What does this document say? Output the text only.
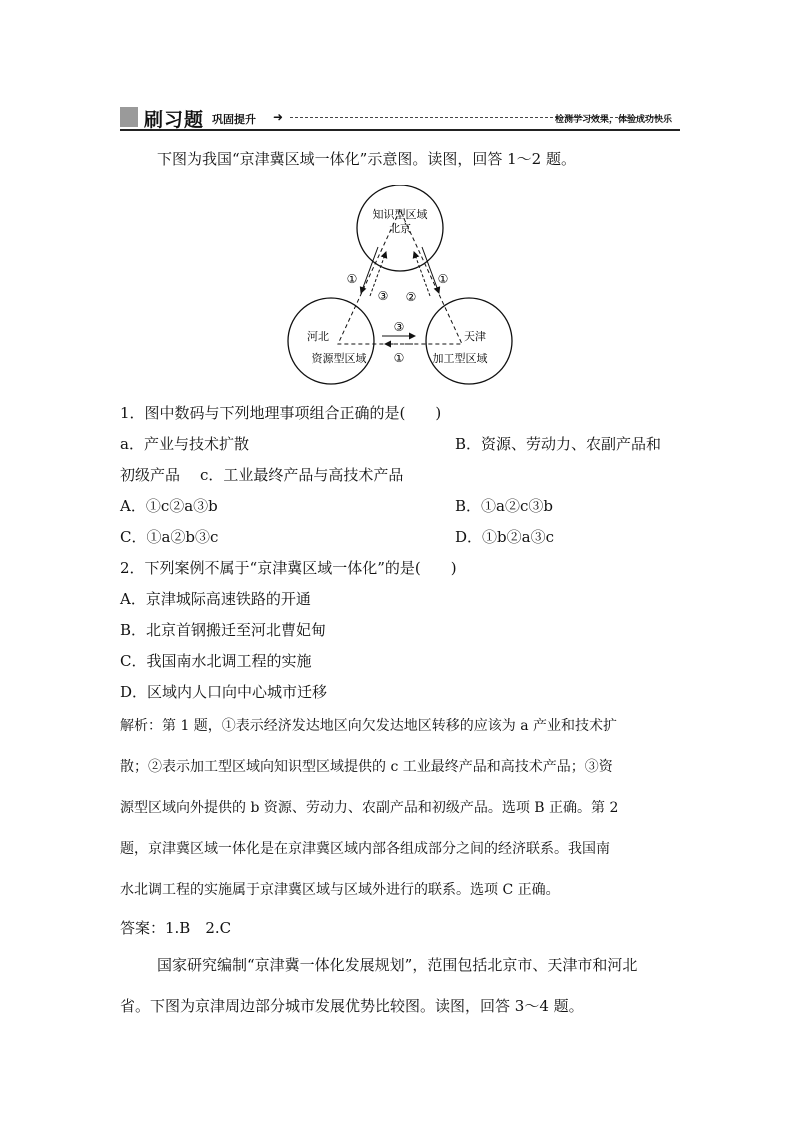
刷习题 巩固提升 ➜	检测学习效果，体验成功快乐
下图为我国“京津冀区域一体化”示意图。读图，回答 1～2 题。
知识型区域
北京
河北
资源型区域
天津
加工型区域
①
③ ②
①
③
①
1．图中数码与下列地理事项组合正确的是(　　)
a．产业与技术扩散	B．资源、劳动力、农副产品和
初级产品 c．工业最终产品与高技术产品
A．①c②a③b	B．①a②c③b
C．①a②b③c	D．①b②a③c
2．下列案例不属于“京津冀区域一体化”的是(　　)
A．京津城际高速铁路的开通
B．北京首钢搬迁至河北曹妃甸
C．我国南水北调工程的实施
D．区域内人口向中心城市迁移
解析：第 1 题，①表示经济发达地区向欠发达地区转移的应该为 a 产业和技术扩
散；②表示加工型区域向知识型区域提供的 c 工业最终产品和高技术产品；③资
源型区域向外提供的 b 资源、劳动力、农副产品和初级产品。选项 B 正确。第 2
题，京津冀区域一体化是在京津冀区域内部各组成部分之间的经济联系。我国南
水北调工程的实施属于京津冀区域与区域外进行的联系。选项 C 正确。
答案：1.B　2.C
国家研究编制“京津冀一体化发展规划”，范围包括北京市、天津市和河北
省。下图为京津周边部分城市发展优势比较图。读图，回答 3～4 题。
